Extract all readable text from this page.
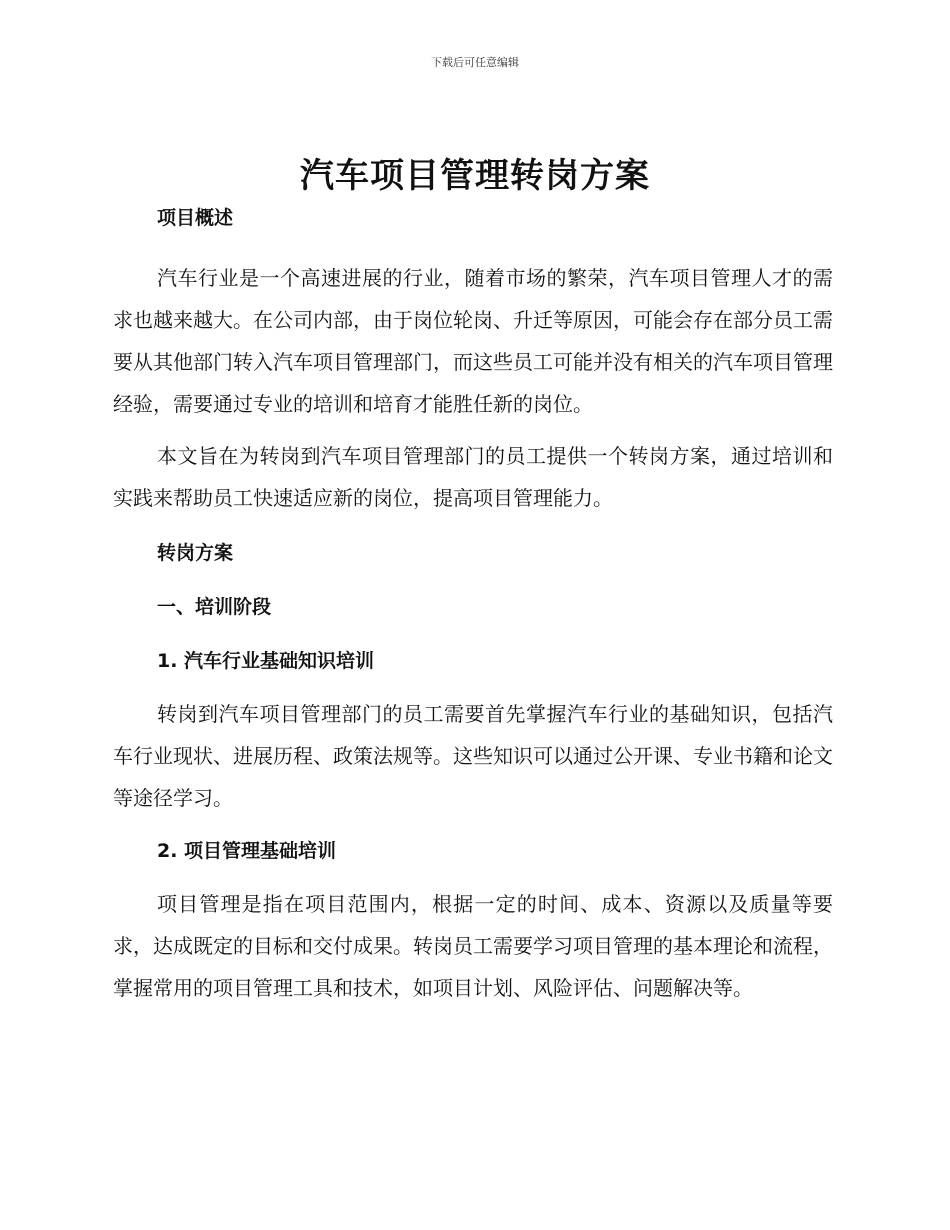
下载后可任意编辑
汽车项目管理转岗方案

项目概述

汽车行业是一个高速进展的行业，随着市场的繁荣，汽车项目管理人才的需求也越来越大。在公司内部，由于岗位轮岗、升迁等原因，可能会存在部分员工需要从其他部门转入汽车项目管理部门，而这些员工可能并没有相关的汽车项目管理经验，需要通过专业的培训和培育才能胜任新的岗位。

本文旨在为转岗到汽车项目管理部门的员工提供一个转岗方案，通过培训和实践来帮助员工快速适应新的岗位，提高项目管理能力。

转岗方案

一、培训阶段

1. 汽车行业基础知识培训

转岗到汽车项目管理部门的员工需要首先掌握汽车行业的基础知识，包括汽车行业现状、进展历程、政策法规等。这些知识可以通过公开课、专业书籍和论文等途径学习。

2. 项目管理基础培训

项目管理是指在项目范围内，根据一定的时间、成本、资源以及质量等要求，达成既定的目标和交付成果。转岗员工需要学习项目管理的基本理论和流程，掌握常用的项目管理工具和技术，如项目计划、风险评估、问题解决等。
